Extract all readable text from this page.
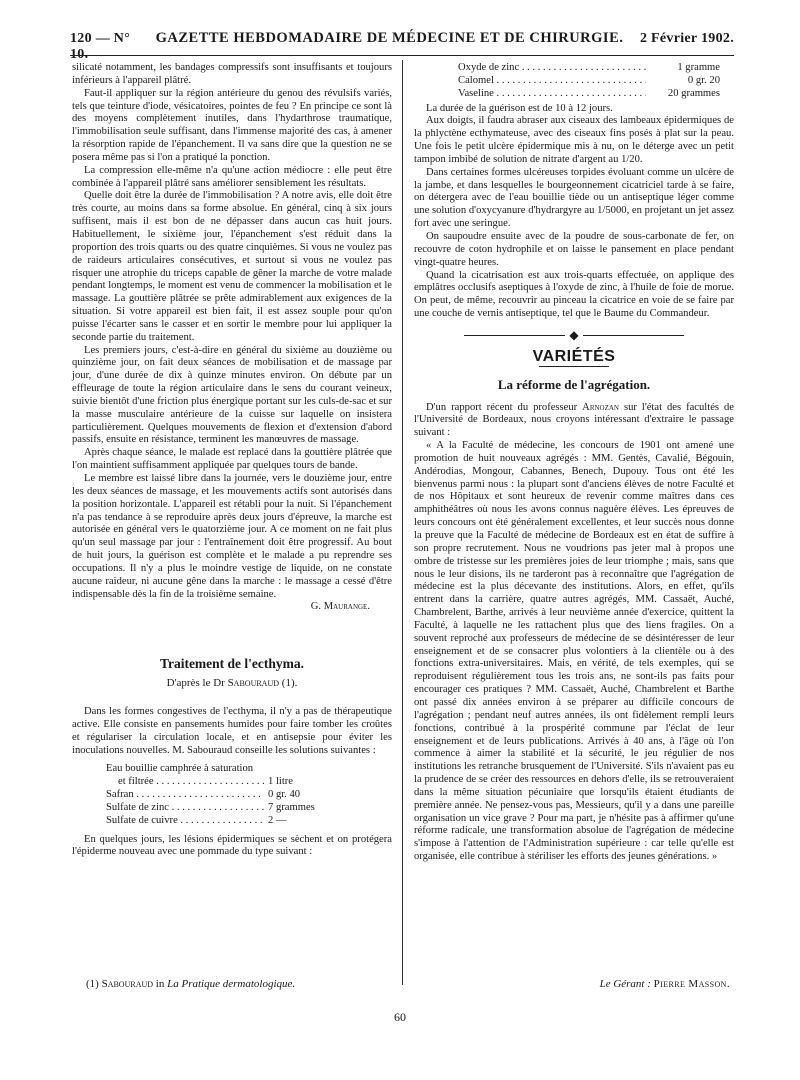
120 — N° 10.
GAZETTE HEBDOMADAIRE DE MÉDECINE ET DE CHIRURGIE.	2 Février 1902.

silicaté notamment, les bandages compressifs sont insuffisants et toujours inférieurs à l'appareil plâtré.

Faut-il appliquer sur la région antérieure du genou des révulsifs variés, tels que teinture d'iode, vésicatoires, pointes de feu ? En principe ce sont là des moyens complètement inutiles, dans l'hydarthrose traumatique, l'immobilisation seule suffisant, dans l'immense majorité des cas, à amener la résorption rapide de l'épanchement. Il va sans dire que la question ne se posera même pas si l'on a pratiqué la ponction.

La compression elle-même n'a qu'une action médiocre : elle peut être combinée à l'appareil plâtré sans améliorer sensiblement les résultats.

Quelle doit être la durée de l'immobilisation ? A notre avis, elle doit être très courte, au moins dans sa forme absolue. En général, cinq à six jours suffisent, mais il est bon de ne dépasser dans aucun cas huit jours. Habituellement, le sixième jour, l'épanchement s'est réduit dans la proportion des trois quarts ou des quatre cinquièmes. Si vous ne voulez pas de raideurs articulaires consécutives, et surtout si vous ne voulez pas risquer une atrophie du triceps capable de gêner la marche de votre malade pendant longtemps, le moment est venu de commencer la mobilisation et le massage. La gouttière plâtrée se prête admirablement aux exigences de la situation. Si votre appareil est bien fait, il est assez souple pour qu'on puisse l'écarter sans le casser et en sortir le membre pour lui appliquer la seconde partie du traitement.

Les premiers jours, c'est-à-dire en général du sixième au douzième ou quinzième jour, on fait deux séances de mobilisation et de massage par jour, d'une durée de dix à quinze minutes environ. On débute par un effleurage de toute la région articulaire dans le sens du courant veineux, suivie bientôt d'une friction plus énergique portant sur les culs-de-sac et sur la masse musculaire antérieure de la cuisse sur laquelle on insistera particulièrement. Quelques mouvements de flexion et d'extension d'abord passifs, ensuite en résistance, terminent les manœuvres de massage.

Après chaque séance, le malade est replacé dans la gouttière plâtrée que l'on maintient suffisamment appliquée par quelques tours de bande.

Le membre est laissé libre dans la journée, vers le douzième jour, entre les deux séances de massage, et les mouvements actifs sont autorisés dans la position horizontale. L'appareil est rétabli pour la nuit. Si l'épanchement n'a pas tendance à se reproduire après deux jours d'épreuve, la marche est autorisée en général vers le quatorzième jour. A ce moment on ne fait plus qu'un seul massage par jour : l'entraînement doit être progressif. Au bout de huit jours, la guérison est complète et le malade a pu reprendre ses occupations. Il n'y a plus le moindre vestige de liquide, on ne constate aucune raideur, ni aucune gêne dans la marche : le massage a cessé d'être indispensable dès la fin de la troisième semaine.

G. Maurange.
Traitement de l'ecthyma.
D'après le Dr Sabouraud (1).

Dans les formes congestives de l'ecthyma, il n'y a pas de thérapeutique active. Elle consiste en pansements humides pour faire tomber les croûtes et régulariser la circulation locale, et en antisepsie pour éviter les inoculations nouvelles. M. Sabouraud conseille les solutions suivantes :

Eau bouillie camphrée à saturation
et filtrée . . .	1 litre
Safran . . .	0 gr. 40
Sulfate de zinc . . .	7 grammes
Sulfate de cuivre . . .	2 —

En quelques jours, les lésions épidermiques se sèchent et on protégera l'épiderme nouveau avec une pommade du type suivant :

Oxyde de zinc . . .	1 gramme
Calomel . . .	0 gr. 20
Vaseline . . .	20 grammes

La durée de la guérison est de 10 à 12 jours.

Aux doigts, il faudra abraser aux ciseaux des lambeaux épidermiques de la phlyctène ecthymateuse, avec des ciseaux fins posés à plat sur la peau. Une fois le petit ulcère épidermique mis à nu, on le déterge avec un petit tampon imbibé de solution de nitrate d'argent au 1/20.

Dans certaines formes ulcéreuses torpides évoluant comme un ulcère de la jambe, et dans lesquelles le bourgeonnement cicatriciel tarde à se faire, on détergera avec de l'eau bouillie tiède ou un antiseptique léger comme une solution d'oxycyanure d'hydrargyre au 1/5000, en projetant un jet assez fort avec une seringue.

On saupoudre ensuite avec de la poudre de sous-carbonate de fer, on recouvre de coton hydrophile et on laisse le pansement en place pendant vingt-quatre heures.

Quand la cicatrisation est aux trois-quarts effectuée, on applique des emplâtres occlusifs aseptiques à l'oxyde de zinc, à l'huile de foie de morue. On peut, de même, recouvrir au pinceau la cicatrice en voie de se faire par une couche de vernis antiseptique, tel que le Baume du Commandeur.

◆
VARIÉTÉS
La réforme de l'agrégation.

D'un rapport récent du professeur Arnozan sur l'état des facultés de l'Université de Bordeaux, nous croyons intéressant d'extraire le passage suivant :

« A la Faculté de médecine, les concours de 1901 ont amené une promotion de huit nouveaux agrégés : MM. Gentès, Cavalié, Bégouin, Andérodias, Mongour, Cabannes, Benech, Dupouy. Tous ont été les bienvenus parmi nous : la plupart sont d'anciens élèves de notre Faculté et de nos Hôpitaux et sont heureux de revenir comme maîtres dans ces amphithéâtres où nous les avons connus naguère élèves. Les épreuves de leurs concours ont été généralement excellentes, et leur succès nous donne la preuve que la Faculté de médecine de Bordeaux est en état de suffire à son propre recrutement. Nous ne voudrions pas jeter mal à propos une ombre de tristesse sur les premières joies de leur triomphe ; mais, sans que nous le leur disions, ils ne tarderont pas à reconnaître que l'agrégation de médecine est la plus décevante des institutions. Alors, en effet, qu'ils entrent dans la carrière, quatre autres agrégés, MM. Cassaët, Auché, Chambrelent, Barthe, arrivés à leur neuvième année d'exercice, quittent la Faculté, à laquelle ne les rattachent plus que des liens fragiles. On a souvent reproché aux professeurs de médecine de se désintéresser de leur enseignement et de se consacrer plus volontiers à la clientèle ou à des fonctions extra-universitaires. Mais, en vérité, de tels exemples, qui se reproduisent régulièrement tous les trois ans, ne sont-ils pas faits pour encourager ces pratiques ? MM. Cassaët, Auché, Chambrelent et Barthe ont passé dix années environ à se préparer au difficile concours de l'agrégation ; pendant neuf autres années, ils ont fidèlement rempli leurs fonctions, contribué à la prospérité commune par l'éclat de leur enseignement et de leurs publications. Arrivés à 40 ans, à l'âge où l'on commence à aimer la stabilité et la sécurité, le jeu régulier de nos institutions les retranche brusquement de l'Université. S'ils n'avaient pas eu la prudence de se créer des ressources en dehors d'elle, ils se retrouveraient dans la même situation pécuniaire que lorsqu'ils étaient étudiants de première année. Ne pensez-vous pas, Messieurs, qu'il y a dans une pareille organisation un vice grave ? Pour ma part, je n'hésite pas à affirmer qu'une réforme radicale, une transformation absolue de l'agrégation de médecine s'impose à l'attention de l'Administration supérieure : car telle qu'elle est organisée, elle contribue à stériliser les efforts des jeunes générations. »

(1) Sabouraud in La Pratique dermatologique.	Le Gérant : Pierre Masson.
60
